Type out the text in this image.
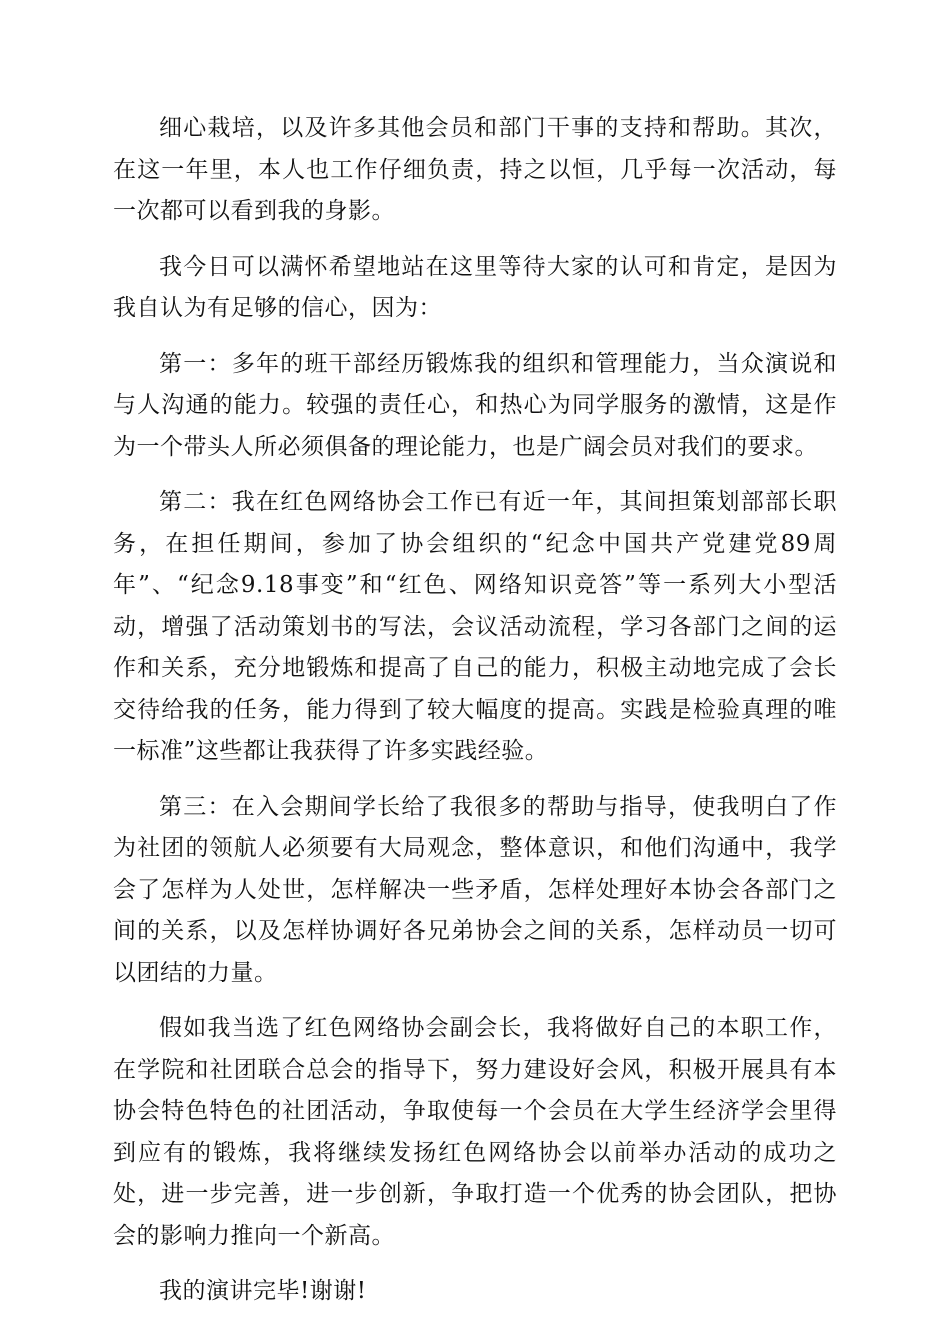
细心栽培，以及许多其他会员和部门干事的支持和帮助。其次，在这一年里，本人也工作仔细负责，持之以恒，几乎每一次活动，每一次都可以看到我的身影。

我今日可以满怀希望地站在这里等待大家的认可和肯定，是因为我自认为有足够的信心，因为：

第一：多年的班干部经历锻炼我的组织和管理能力，当众演说和与人沟通的能力。较强的责任心，和热心为同学服务的激情，这是作为一个带头人所必须俱备的理论能力，也是广阔会员对我们的要求。

第二：我在红色网络协会工作已有近一年，其间担策划部部长职务，在担任期间，参加了协会组织的“纪念中国共产党建党89周年”、“纪念9.18事变”和“红色、网络知识竞答”等一系列大小型活动，增强了活动策划书的写法，会议活动流程，学习各部门之间的运作和关系，充分地锻炼和提高了自己的能力，积极主动地完成了会长交待给我的任务，能力得到了较大幅度的提高。实践是检验真理的唯一标准”这些都让我获得了许多实践经验。

第三：在入会期间学长给了我很多的帮助与指导，使我明白了作为社团的领航人必须要有大局观念，整体意识，和他们沟通中，我学会了怎样为人处世，怎样解决一些矛盾，怎样处理好本协会各部门之间的关系，以及怎样协调好各兄弟协会之间的关系，怎样动员一切可以团结的力量。

假如我当选了红色网络协会副会长，我将做好自己的本职工作，在学院和社团联合总会的指导下，努力建设好会风，积极开展具有本协会特色特色的社团活动，争取使每一个会员在大学生经济学会里得到应有的锻炼，我将继续发扬红色网络协会以前举办活动的成功之处，进一步完善，进一步创新，争取打造一个优秀的协会团队，把协会的影响力推向一个新高。

我的演讲完毕!谢谢!
